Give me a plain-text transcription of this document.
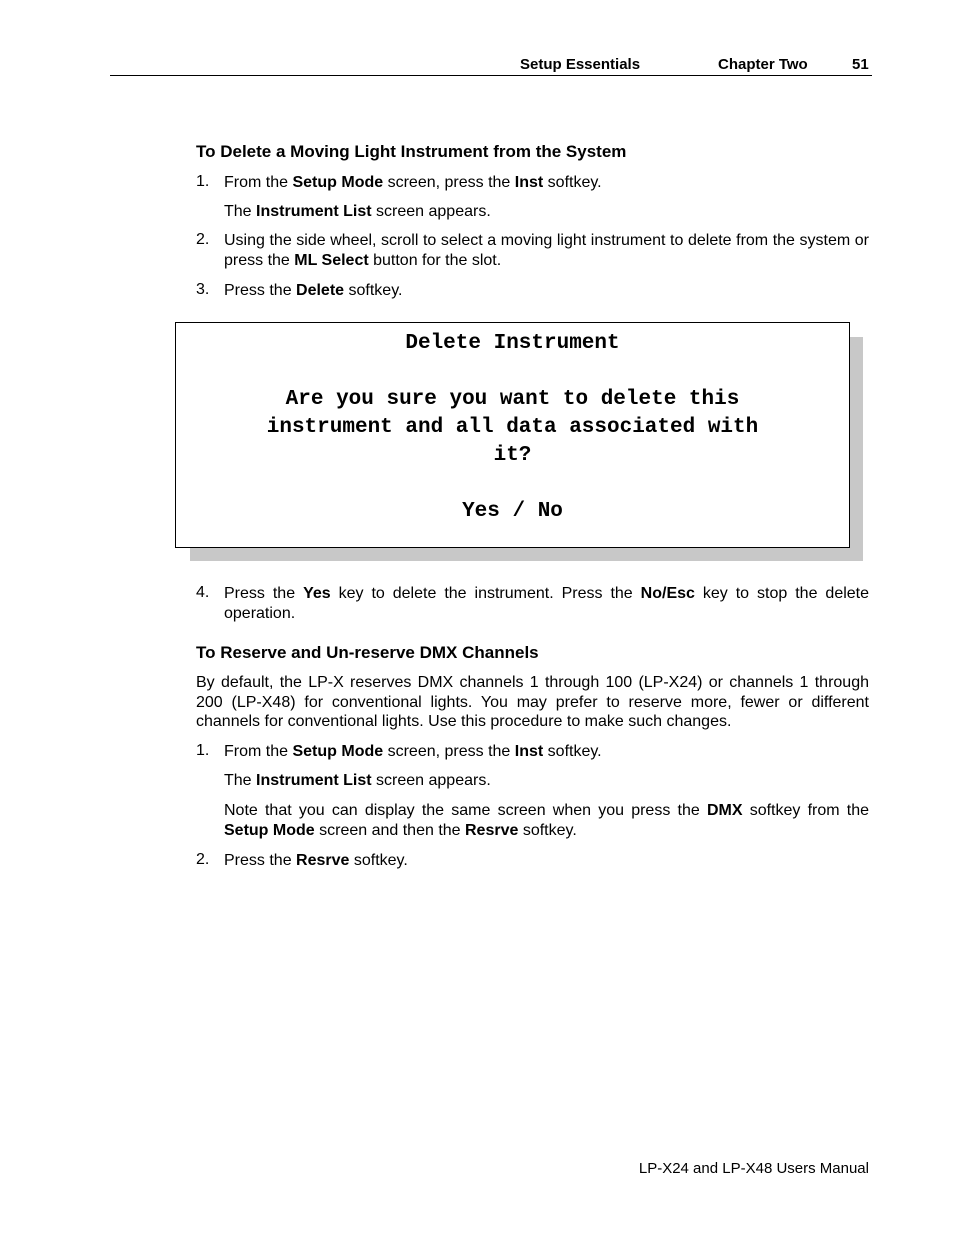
Setup Essentials	Chapter Two	51
To Delete a Moving Light Instrument from the System
1. From the Setup Mode screen, press the Inst softkey.
The Instrument List screen appears.
2. Using the side wheel, scroll to select a moving light instrument to delete from the system or press the ML Select button for the slot.
3. Press the Delete softkey.
Delete Instrument
Are you sure you want to delete this
instrument and all data associated with
it?
Yes / No
4. Press the Yes key to delete the instrument. Press the No/Esc key to stop the delete operation.
To Reserve and Un-reserve DMX Channels
By default, the LP-X reserves DMX channels 1 through 100 (LP-X24) or channels 1 through 200 (LP-X48) for conventional lights. You may prefer to reserve more, fewer or different channels for conventional lights. Use this procedure to make such changes.
1. From the Setup Mode screen, press the Inst softkey.
The Instrument List screen appears.
Note that you can display the same screen when you press the DMX softkey from the Setup Mode screen and then the Resrve softkey.
2. Press the Resrve softkey.
LP-X24 and LP-X48 Users Manual
